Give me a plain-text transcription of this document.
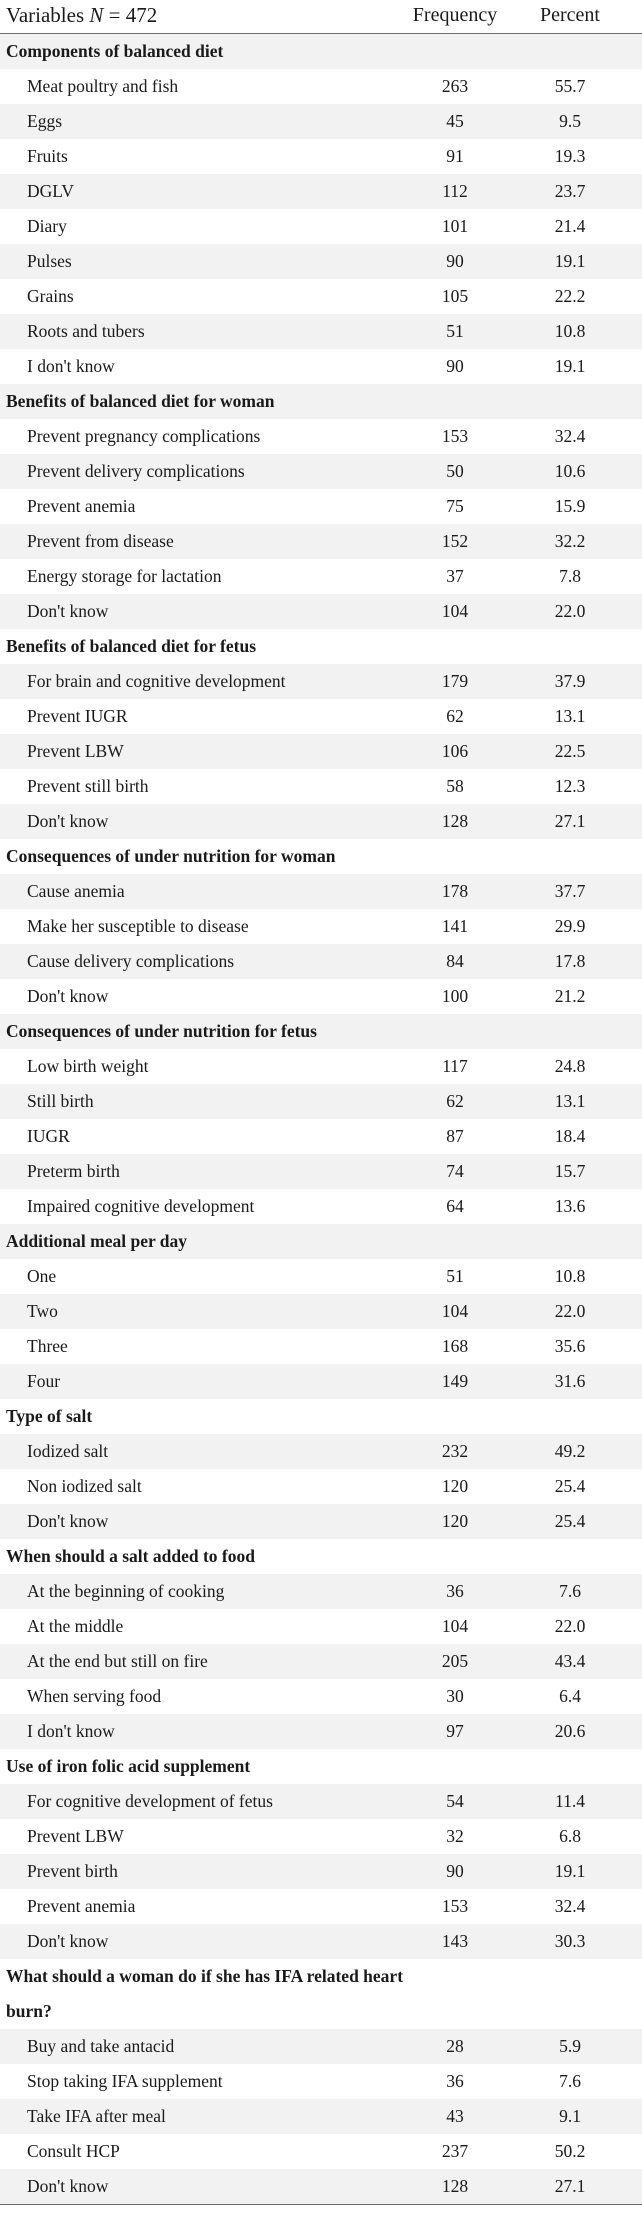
Variables N = 472	Frequency	Percent
Components of balanced diet
Meat poultry and fish	263	55.7
Eggs	45	9.5
Fruits	91	19.3
DGLV	112	23.7
Diary	101	21.4
Pulses	90	19.1
Grains	105	22.2
Roots and tubers	51	10.8
I don't know	90	19.1
Benefits of balanced diet for woman
Prevent pregnancy complications	153	32.4
Prevent delivery complications	50	10.6
Prevent anemia	75	15.9
Prevent from disease	152	32.2
Energy storage for lactation	37	7.8
Don't know	104	22.0
Benefits of balanced diet for fetus
For brain and cognitive development	179	37.9
Prevent IUGR	62	13.1
Prevent LBW	106	22.5
Prevent still birth	58	12.3
Don't know	128	27.1
Consequences of under nutrition for woman
Cause anemia	178	37.7
Make her susceptible to disease	141	29.9
Cause delivery complications	84	17.8
Don't know	100	21.2
Consequences of under nutrition for fetus
Low birth weight	117	24.8
Still birth	62	13.1
IUGR	87	18.4
Preterm birth	74	15.7
Impaired cognitive development	64	13.6
Additional meal per day
One	51	10.8
Two	104	22.0
Three	168	35.6
Four	149	31.6
Type of salt
Iodized salt	232	49.2
Non iodized salt	120	25.4
Don't know	120	25.4
When should a salt added to food
At the beginning of cooking	36	7.6
At the middle	104	22.0
At the end but still on fire	205	43.4
When serving food	30	6.4
I don't know	97	20.6
Use of iron folic acid supplement
For cognitive development of fetus	54	11.4
Prevent LBW	32	6.8
Prevent birth	90	19.1
Prevent anemia	153	32.4
Don't know	143	30.3
What should a woman do if she has IFA related heart burn?
Buy and take antacid	28	5.9
Stop taking IFA supplement	36	7.6
Take IFA after meal	43	9.1
Consult HCP	237	50.2
Don't know	128	27.1
